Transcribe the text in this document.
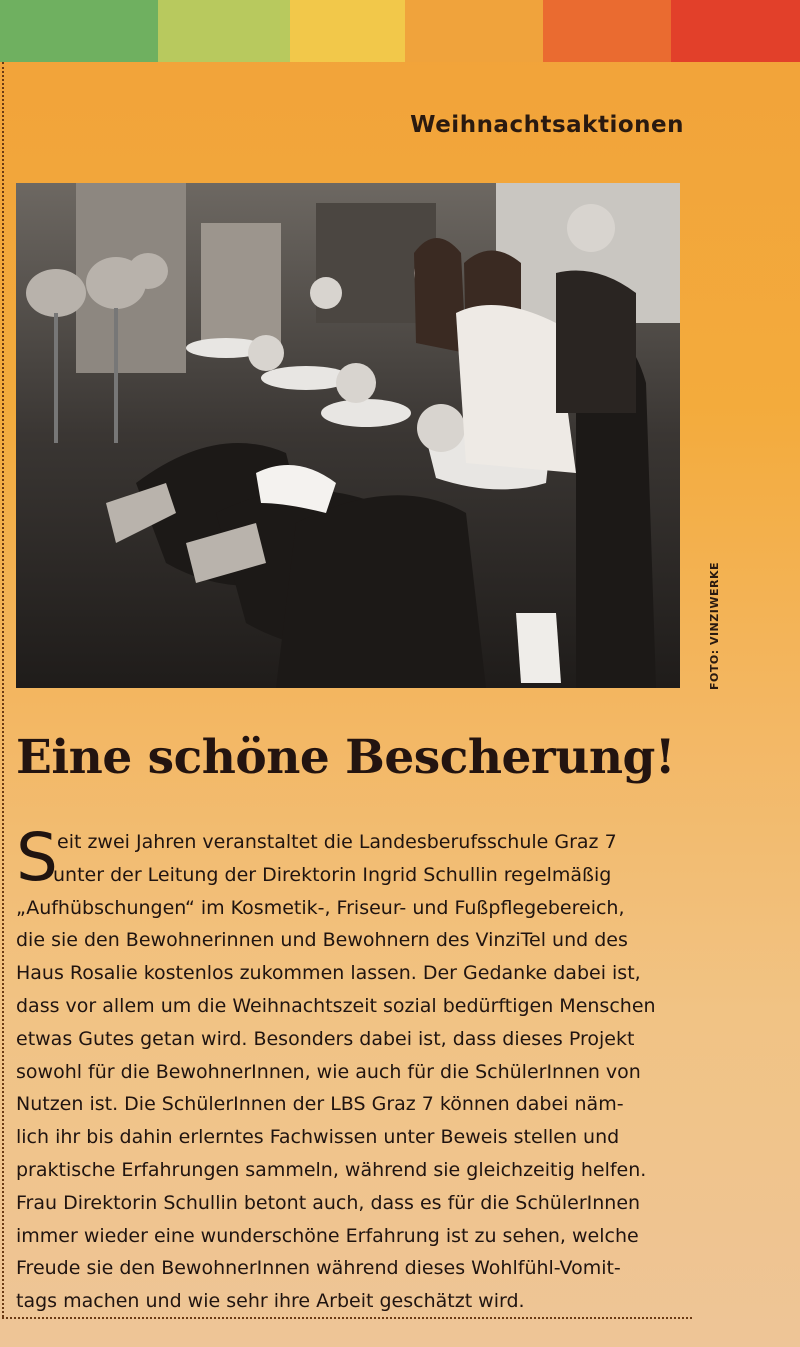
Weihnachtsaktionen
FOTO: VINZIWERKE
Eine schöne Bescherung!
S eit zwei Jahren veranstaltet die Landesberufsschule Graz 7
unter der Leitung der Direktorin Ingrid Schullin regelmäßig
„Aufhübschungen“ im Kosmetik-, Friseur- und Fußpflegebereich,
die sie den Bewohnerinnen und Bewohnern des VinziTel und des
Haus Rosalie kostenlos zukommen lassen. Der Gedanke dabei ist,
dass vor allem um die Weihnachtszeit sozial bedürftigen Menschen
etwas Gutes getan wird. Besonders dabei ist, dass dieses Projekt
sowohl für die BewohnerInnen, wie auch für die SchülerInnen von
Nutzen ist. Die SchülerInnen der LBS Graz 7 können dabei näm-
lich ihr bis dahin erlerntes Fachwissen unter Beweis stellen und
praktische Erfahrungen sammeln, während sie gleichzeitig helfen.
Frau Direktorin Schullin betont auch, dass es für die SchülerInnen
immer wieder eine wunderschöne Erfahrung ist zu sehen, welche
Freude sie den BewohnerInnen während dieses Wohlfühl-Vomit-
tags machen und wie sehr ihre Arbeit geschätzt wird.
